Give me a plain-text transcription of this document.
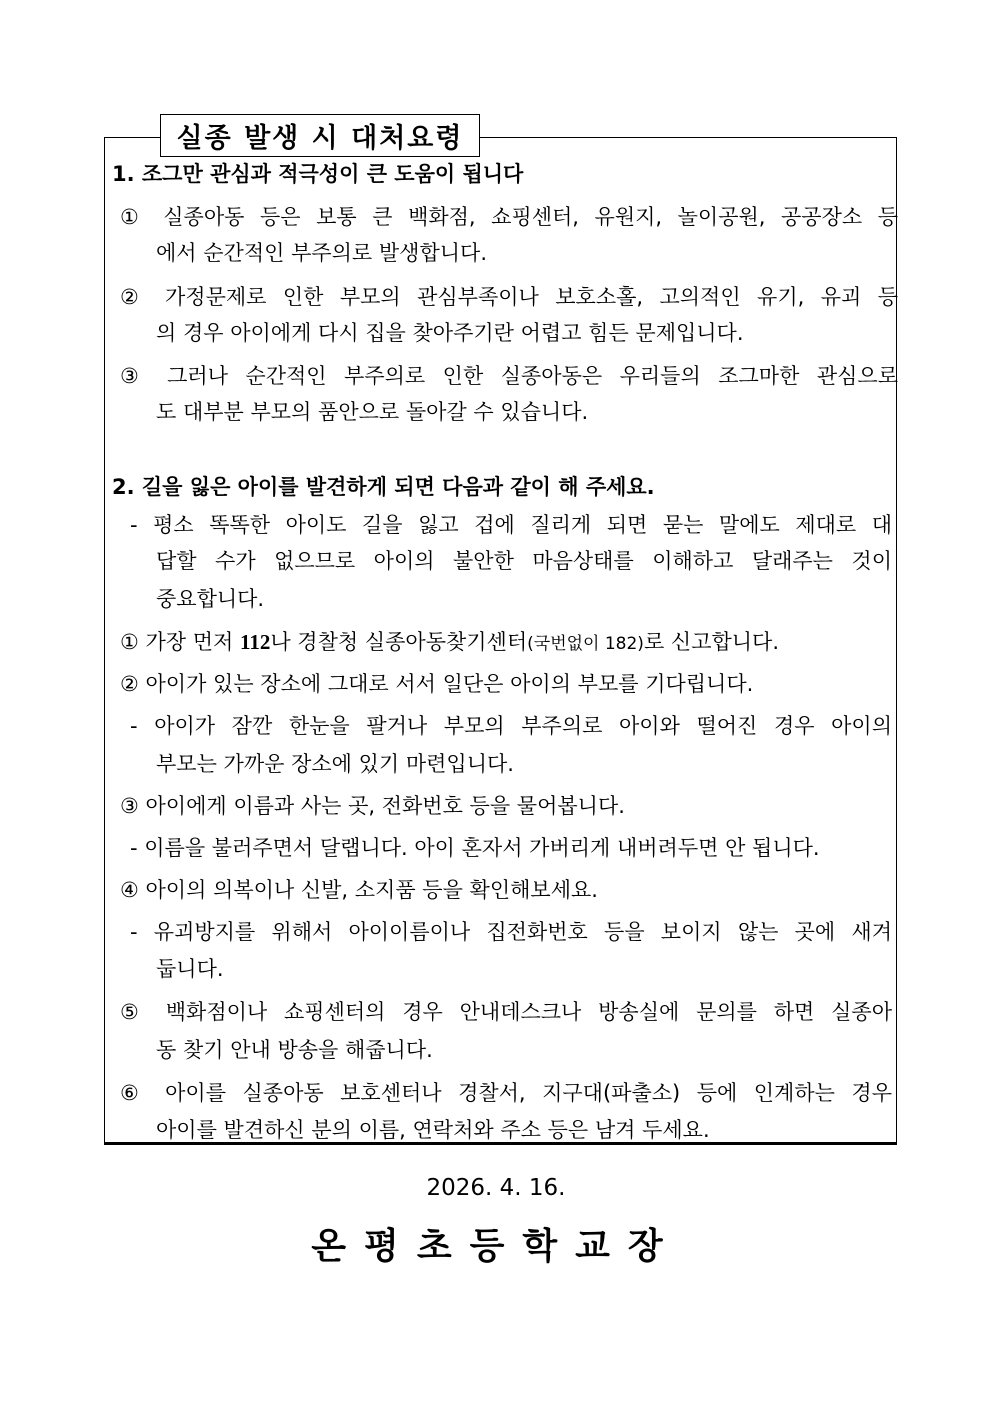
실종 발생 시 대처요령
1. 조그만 관심과 적극성이 큰 도움이 됩니다
① 실종아동 등은 보통 큰 백화점, 쇼핑센터, 유원지, 놀이공원, 공공장소 등
에서 순간적인 부주의로 발생합니다.
② 가정문제로 인한 부모의 관심부족이나 보호소홀, 고의적인 유기, 유괴 등
의 경우 아이에게 다시 집을 찾아주기란 어렵고 힘든 문제입니다.
③ 그러나 순간적인 부주의로 인한 실종아동은 우리들의 조그마한 관심으로
도 대부분 부모의 품안으로 돌아갈 수 있습니다.
2. 길을 잃은 아이를 발견하게 되면 다음과 같이 해 주세요.
- 평소 똑똑한 아이도 길을 잃고 겁에 질리게 되면 묻는 말에도 제대로 대
답할 수가 없으므로 아이의 불안한 마음상태를 이해하고 달래주는 것이
중요합니다.
① 가장 먼저 112나 경찰청 실종아동찾기센터(국번없이 182)로 신고합니다.
② 아이가 있는 장소에 그대로 서서 일단은 아이의 부모를 기다립니다.
- 아이가 잠깐 한눈을 팔거나 부모의 부주의로 아이와 떨어진 경우 아이의
부모는 가까운 장소에 있기 마련입니다.
③ 아이에게 이름과 사는 곳, 전화번호 등을 물어봅니다.
- 이름을 불러주면서 달랩니다. 아이 혼자서 가버리게 내버려두면 안 됩니다.
④ 아이의 의복이나 신발, 소지품 등을 확인해보세요.
- 유괴방지를 위해서 아이이름이나 집전화번호 등을 보이지 않는 곳에 새겨
둡니다.
⑤ 백화점이나 쇼핑센터의 경우 안내데스크나 방송실에 문의를 하면 실종아
동 찾기 안내 방송을 해줍니다.
⑥ 아이를 실종아동 보호센터나 경찰서, 지구대(파출소) 등에 인계하는 경우
아이를 발견하신 분의 이름, 연락처와 주소 등은 남겨 두세요.
2026. 4. 16.
온평초등학교장
